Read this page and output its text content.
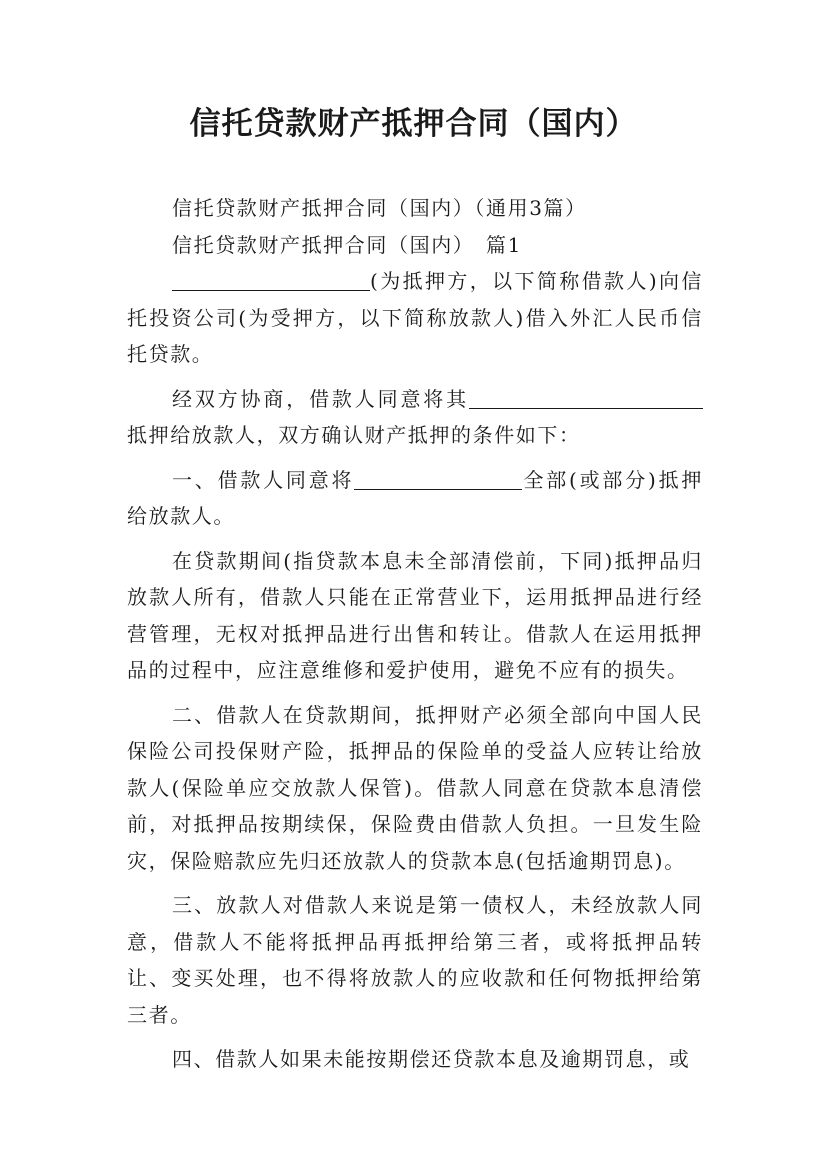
信托贷款财产抵押合同（国内）

信托贷款财产抵押合同（国内）（通用3篇）

信托贷款财产抵押合同（国内）　篇1

(为抵押方，以下简称借款人)向信托投资公司(为受押方，以下简称放款人)借入外汇人民币信托贷款。

经双方协商，借款人同意将其抵押给放款人，双方确认财产抵押的条件如下：

一、借款人同意将	全部(或部分)抵押给放款人。

在贷款期间(指贷款本息未全部清偿前，下同)抵押品归放款人所有，借款人只能在正常营业下，运用抵押品进行经营管理，无权对抵押品进行出售和转让。借款人在运用抵押品的过程中，应注意维修和爱护使用，避免不应有的损失。

二、借款人在贷款期间，抵押财产必须全部向中国人民保险公司投保财产险，抵押品的保险单的受益人应转让给放款人(保险单应交放款人保管)。借款人同意在贷款本息清偿前，对抵押品按期续保，保险费由借款人负担。一旦发生险灾，保险赔款应先归还放款人的贷款本息(包括逾期罚息)。

三、放款人对借款人来说是第一债权人，未经放款人同意，借款人不能将抵押品再抵押给第三者，或将抵押品转让、变买处理，也不得将放款人的应收款和任何物抵押给第三者。

四、借款人如果未能按期偿还贷款本息及逾期罚息，或
